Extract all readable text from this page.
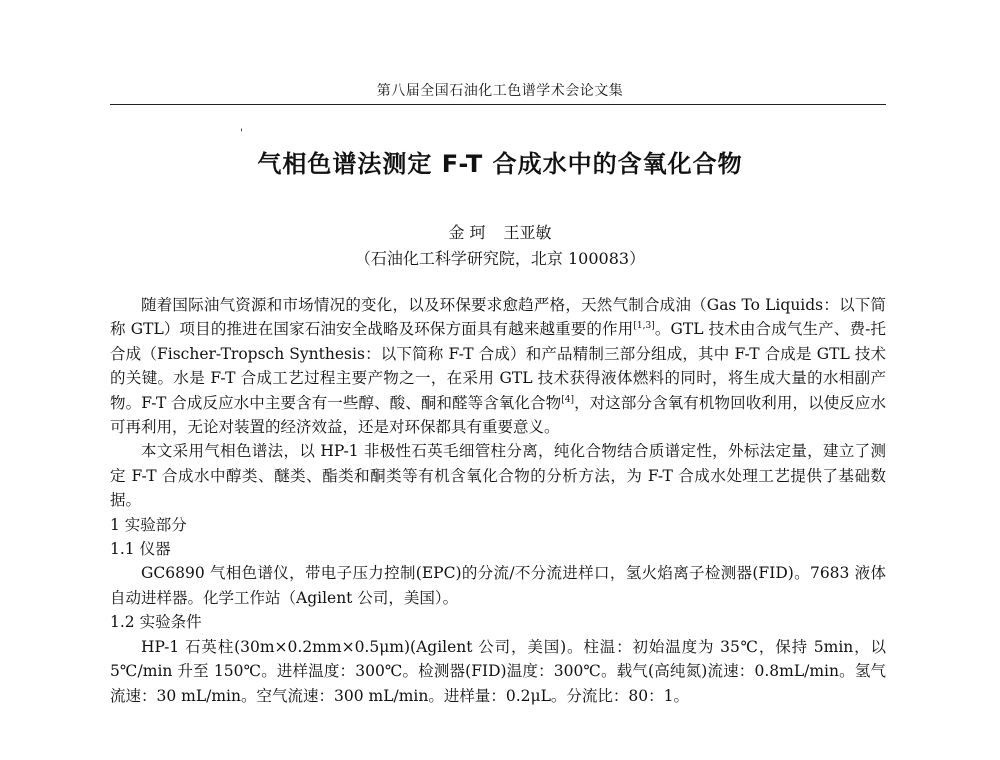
第八届全国石油化工色谱学术会论文集
'
气相色谱法测定 F-T 合成水中的含氧化合物
金 珂 王亚敏
（石油化工科学研究院，北京 100083）

随着国际油气资源和市场情况的变化，以及环保要求愈趋严格，天然气制合成油（Gas To Liquids：以下简称 GTL）项目的推进在国家石油安全战略及环保方面具有越来越重要的作用[1,3]。GTL 技术由合成气生产、费-托合成（Fischer-Tropsch Synthesis：以下简称 F-T 合成）和产品精制三部分组成，其中 F-T 合成是 GTL 技术的关键。水是 F-T 合成工艺过程主要产物之一，在采用 GTL 技术获得液体燃料的同时，将生成大量的水相副产物。F-T 合成反应水中主要含有一些醇、酸、酮和醛等含氧化合物[4]，对这部分含氧有机物回收利用，以使反应水可再利用，无论对装置的经济效益，还是对环保都具有重要意义。

本文采用气相色谱法，以 HP-1 非极性石英毛细管柱分离，纯化合物结合质谱定性，外标法定量，建立了测定 F-T 合成水中醇类、醚类、酯类和酮类等有机含氧化合物的分析方法，为 F-T 合成水处理工艺提供了基础数据。

1 实验部分
1.1 仪器

GC6890 气相色谱仪，带电子压力控制(EPC)的分流/不分流进样口，氢火焰离子检测器(FID)。7683 液体自动进样器。化学工作站（Agilent 公司，美国）。

1.2 实验条件

HP-1 石英柱(30m×0.2mm×0.5μm)(Agilent 公司，美国)。柱温：初始温度为 35℃，保持 5min，以 5℃/min 升至 150℃。进样温度：300℃。检测器(FID)温度：300℃。载气(高纯氮)流速：0.8mL/min。氢气流速：30 mL/min。空气流速：300 mL/min。进样量：0.2μL。分流比：80：1。
